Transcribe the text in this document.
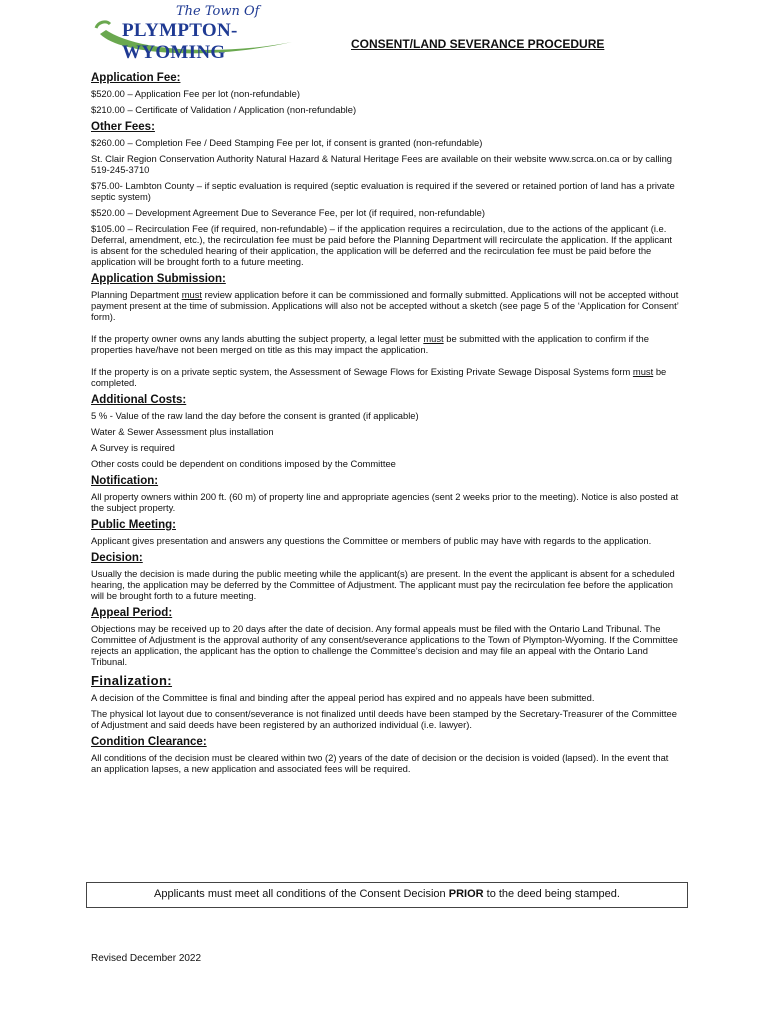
The Town Of
PLYMPTON-WYOMING	CONSENT/LAND SEVERANCE PROCEDURE
Application Fee:
$520.00 – Application Fee per lot (non-refundable)
$210.00 – Certificate of Validation / Application (non-refundable)
Other Fees:
$260.00 – Completion Fee / Deed Stamping Fee per lot, if consent is granted (non-refundable)
St. Clair Region Conservation Authority Natural Hazard & Natural Heritage Fees are available on their website www.scrca.on.ca or by calling 519-245-3710
$75.00- Lambton County – if septic evaluation is required (septic evaluation is required if the severed or retained portion of land has a private septic system)
$520.00 – Development Agreement Due to Severance Fee, per lot (if required, non-refundable)
$105.00 – Recirculation Fee (if required, non-refundable) – if the application requires a recirculation, due to the actions of the applicant (i.e. Deferral, amendment, etc.), the recirculation fee must be paid before the Planning Department will recirculate the application. If the applicant is absent for the scheduled hearing of their application, the application will be deferred and the recirculation fee must be paid before the application will be brought forth to a future meeting.
Application Submission:
Planning Department must review application before it can be commissioned and formally submitted. Applications will not be accepted without payment present at the time of submission. Applications will also not be accepted without a sketch (see page 5 of the ‘Application for Consent’ form).
If the property owner owns any lands abutting the subject property, a legal letter must be submitted with the application to confirm if the properties have/have not been merged on title as this may impact the application.
If the property is on a private septic system, the Assessment of Sewage Flows for Existing Private Sewage Disposal Systems form must be completed.
Additional Costs:
5 % - Value of the raw land the day before the consent is granted (if applicable)
Water & Sewer Assessment plus installation
A Survey is required
Other costs could be dependent on conditions imposed by the Committee
Notification:
All property owners within 200 ft. (60 m) of property line and appropriate agencies (sent 2 weeks prior to the meeting). Notice is also posted at the subject property.
Public Meeting:
Applicant gives presentation and answers any questions the Committee or members of public may have with regards to the application.
Decision:
Usually the decision is made during the public meeting while the applicant(s) are present. In the event the applicant is absent for a scheduled hearing, the application may be deferred by the Committee of Adjustment. The applicant must pay the recirculation fee before the application will be brought forth to a future meeting.
Appeal Period:
Objections may be received up to 20 days after the date of decision. Any formal appeals must be filed with the Ontario Land Tribunal. The Committee of Adjustment is the approval authority of any consent/severance applications to the Town of Plympton-Wyoming. If the Committee rejects an application, the applicant has the option to challenge the Committee’s decision and may file an appeal with the Ontario Land Tribunal.
Finalization:
A decision of the Committee is final and binding after the appeal period has expired and no appeals have been submitted.
The physical lot layout due to consent/severance is not finalized until deeds have been stamped by the Secretary-Treasurer of the Committee of Adjustment and said deeds have been registered by an authorized individual (i.e. lawyer).
Condition Clearance:
All conditions of the decision must be cleared within two (2) years of the date of decision or the decision is voided (lapsed). In the event that an application lapses, a new application and associated fees will be required.
Applicants must meet all conditions of the Consent Decision PRIOR to the deed being stamped.
Revised December 2022
